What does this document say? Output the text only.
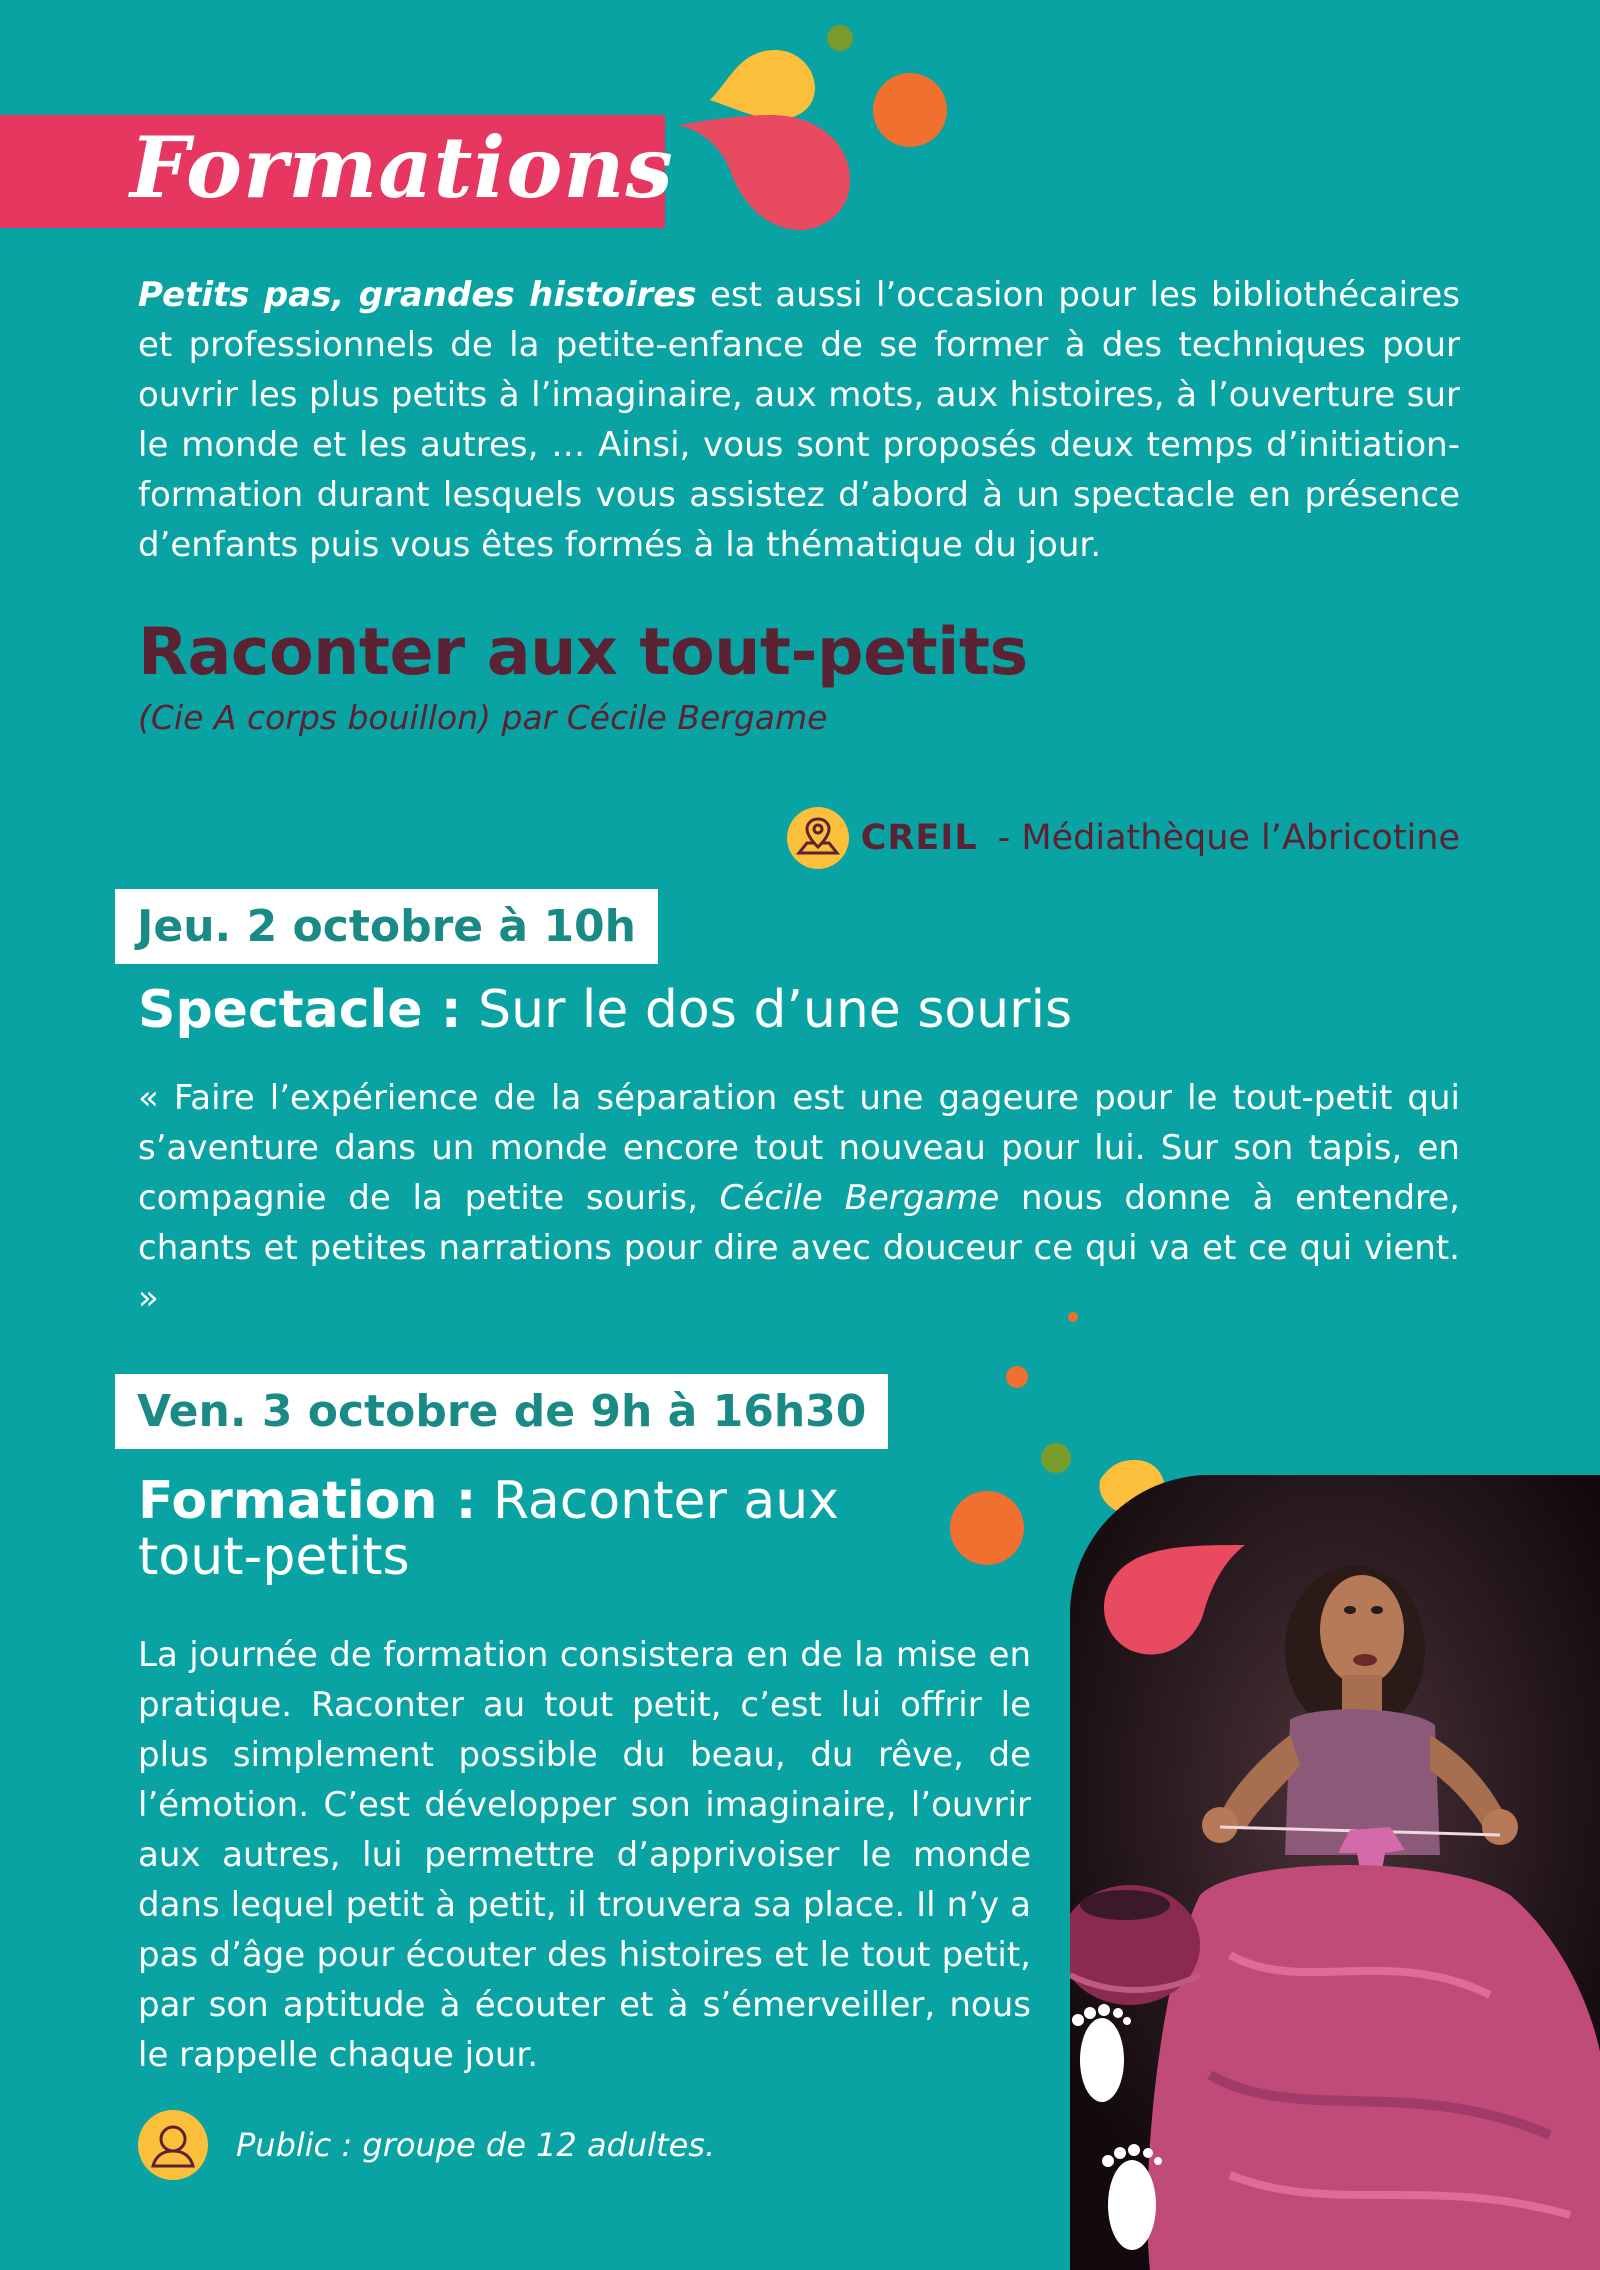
Formations
Petits pas, grandes histoires est aussi l’occasion pour les bibliothécaires et professionnels de la petite-enfance de se former à des techniques pour ouvrir les plus petits à l’imaginaire, aux mots, aux histoires, à l’ouverture sur le monde et les autres, … Ainsi, vous sont proposés deux temps d’initiation-formation durant lesquels vous assistez d’abord à un spectacle en présence d’enfants puis vous êtes formés à la thématique du jour.
Raconter aux tout-petits
(Cie A corps bouillon) par Cécile Bergame
CREIL - Médiathèque l’Abricotine
Jeu. 2 octobre à 10h
Spectacle : Sur le dos d’une souris
« Faire l’expérience de la séparation est une gageure pour le tout-petit qui s’aventure dans un monde encore tout nouveau pour lui. Sur son tapis, en compagnie de la petite souris, Cécile Bergame nous donne à entendre, chants et petites narrations pour dire avec douceur ce qui va et ce qui vient. »
Ven. 3 octobre de 9h à 16h30
Formation : Raconter aux
tout-petits
La journée de formation consistera en de la mise en pratique. Raconter au tout petit, c’est lui offrir le plus simplement possible du beau, du rêve, de l’émotion. C’est développer son imaginaire, l’ouvrir aux autres, lui permettre d’apprivoiser le monde dans lequel petit à petit, il trouvera sa place. Il n’y a pas d’âge pour écouter des histoires et le tout petit, par son aptitude à écouter et à s’émerveiller, nous le rappelle chaque jour.
Public : groupe de 12 adultes.
